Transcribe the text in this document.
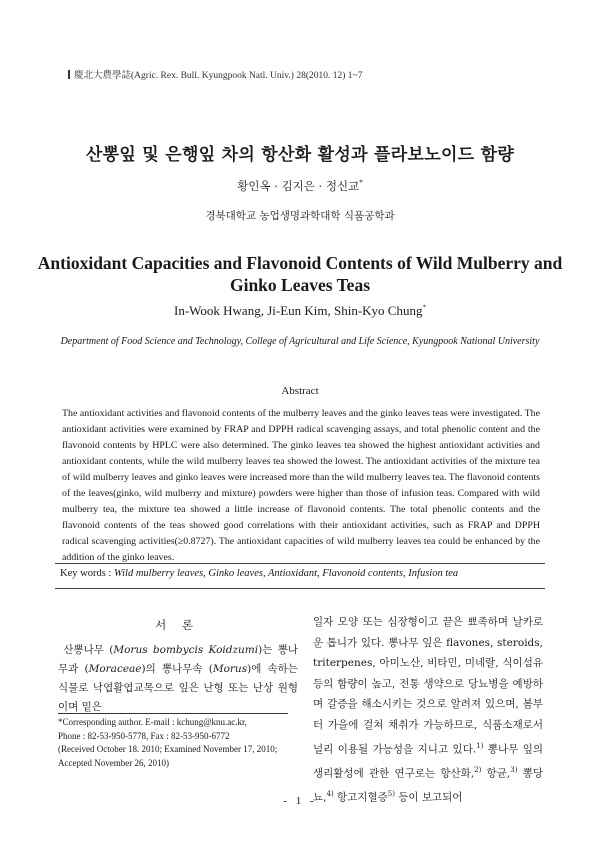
慶北大農學誌(Agric. Rex. Bull. Kyungpook Natl. Univ.) 28(2010. 12) 1~7
산뽕잎 및 은행잎 차의 항산화 활성과 플라보노이드 함량
황인옥 · 김지은 · 정신교*
경북대학교 농업생명과학대학 식품공학과
Antioxidant Capacities and Flavonoid Contents of Wild Mulberry and
Ginko Leaves Teas
In-Wook Hwang, Ji-Eun Kim, Shin-Kyo Chung*
Department of Food Science and Technology, College of Agricultural and Life Science, Kyungpook National University
Abstract
The antioxidant activities and flavonoid contents of the mulberry leaves and the ginko leaves teas were investigated. The antioxidant activities were examined by FRAP and DPPH radical scavenging assays, and total phenolic content and the flavonoid contents by HPLC were also determined. The ginko leaves tea showed the highest antioxidant activities and antioxidant contents, while the wild mulberry leaves tea showed the lowest. The antioxidant activities of the mixture tea of wild mulberry leaves and ginko leaves were increased more than the wild mulberry leaves tea. The flavonoid contents of the leaves(ginko, wild mulberry and mixture) powders were higher than those of infusion teas. Compared with wild mulberry tea, the mixture tea showed a little increase of flavonoid contents. The total phenolic contents and the flavonoid contents of the teas showed good correlations with their antioxidant activities, such as FRAP and DPPH radical scavenging activities(≥0.8727). The antioxidant capacities of wild mulberry leaves tea could be enhanced by the addition of the ginko leaves.
Key words : Wild mulberry leaves, Ginko leaves, Antioxidant, Flavonoid contents, Infusion tea
서 론
산뽕나무 (Morus bombycis Koidzumi)는 뽕나무과 (Moraceae)의 뽕나무속 (Morus)에 속하는 식물로 낙엽활엽교목으로 잎은 난형 또는 난상 원형이며 밑은
일자 모양 또는 심장형이고 끝은 뾰족하며 날카로운 톱니가 있다. 뽕나무 잎은 flavones, steroids, triterpenes, 아미노산, 비타민, 미네랄, 식이섬유 등의 함량이 높고, 전통 생약으로 당뇨병을 예방하며 갈증을 해소시키는 것으로 알려져 있으며, 봄부터 가을에 걸쳐 채취가 가능하므로, 식품소재로서 널리 이용될 가능성을 지니고 있다.$^{1)}$ 뽕나무 잎의 생리활성에 관한 연구로는 항산화,$^{2)}$ 항균,$^{3)}$ 뽕당뇨,$^{4)}$ 항고지혈증$^{5)}$ 등이 보고되어
*Corresponding author. E-mail : kchung@knu.ac.kr,
Phone : 82-53-950-5778, Fax : 82-53-950-6772
(Received October 18. 2010; Examined November 17, 2010;
Accepted November 26, 2010)
- 1 -
